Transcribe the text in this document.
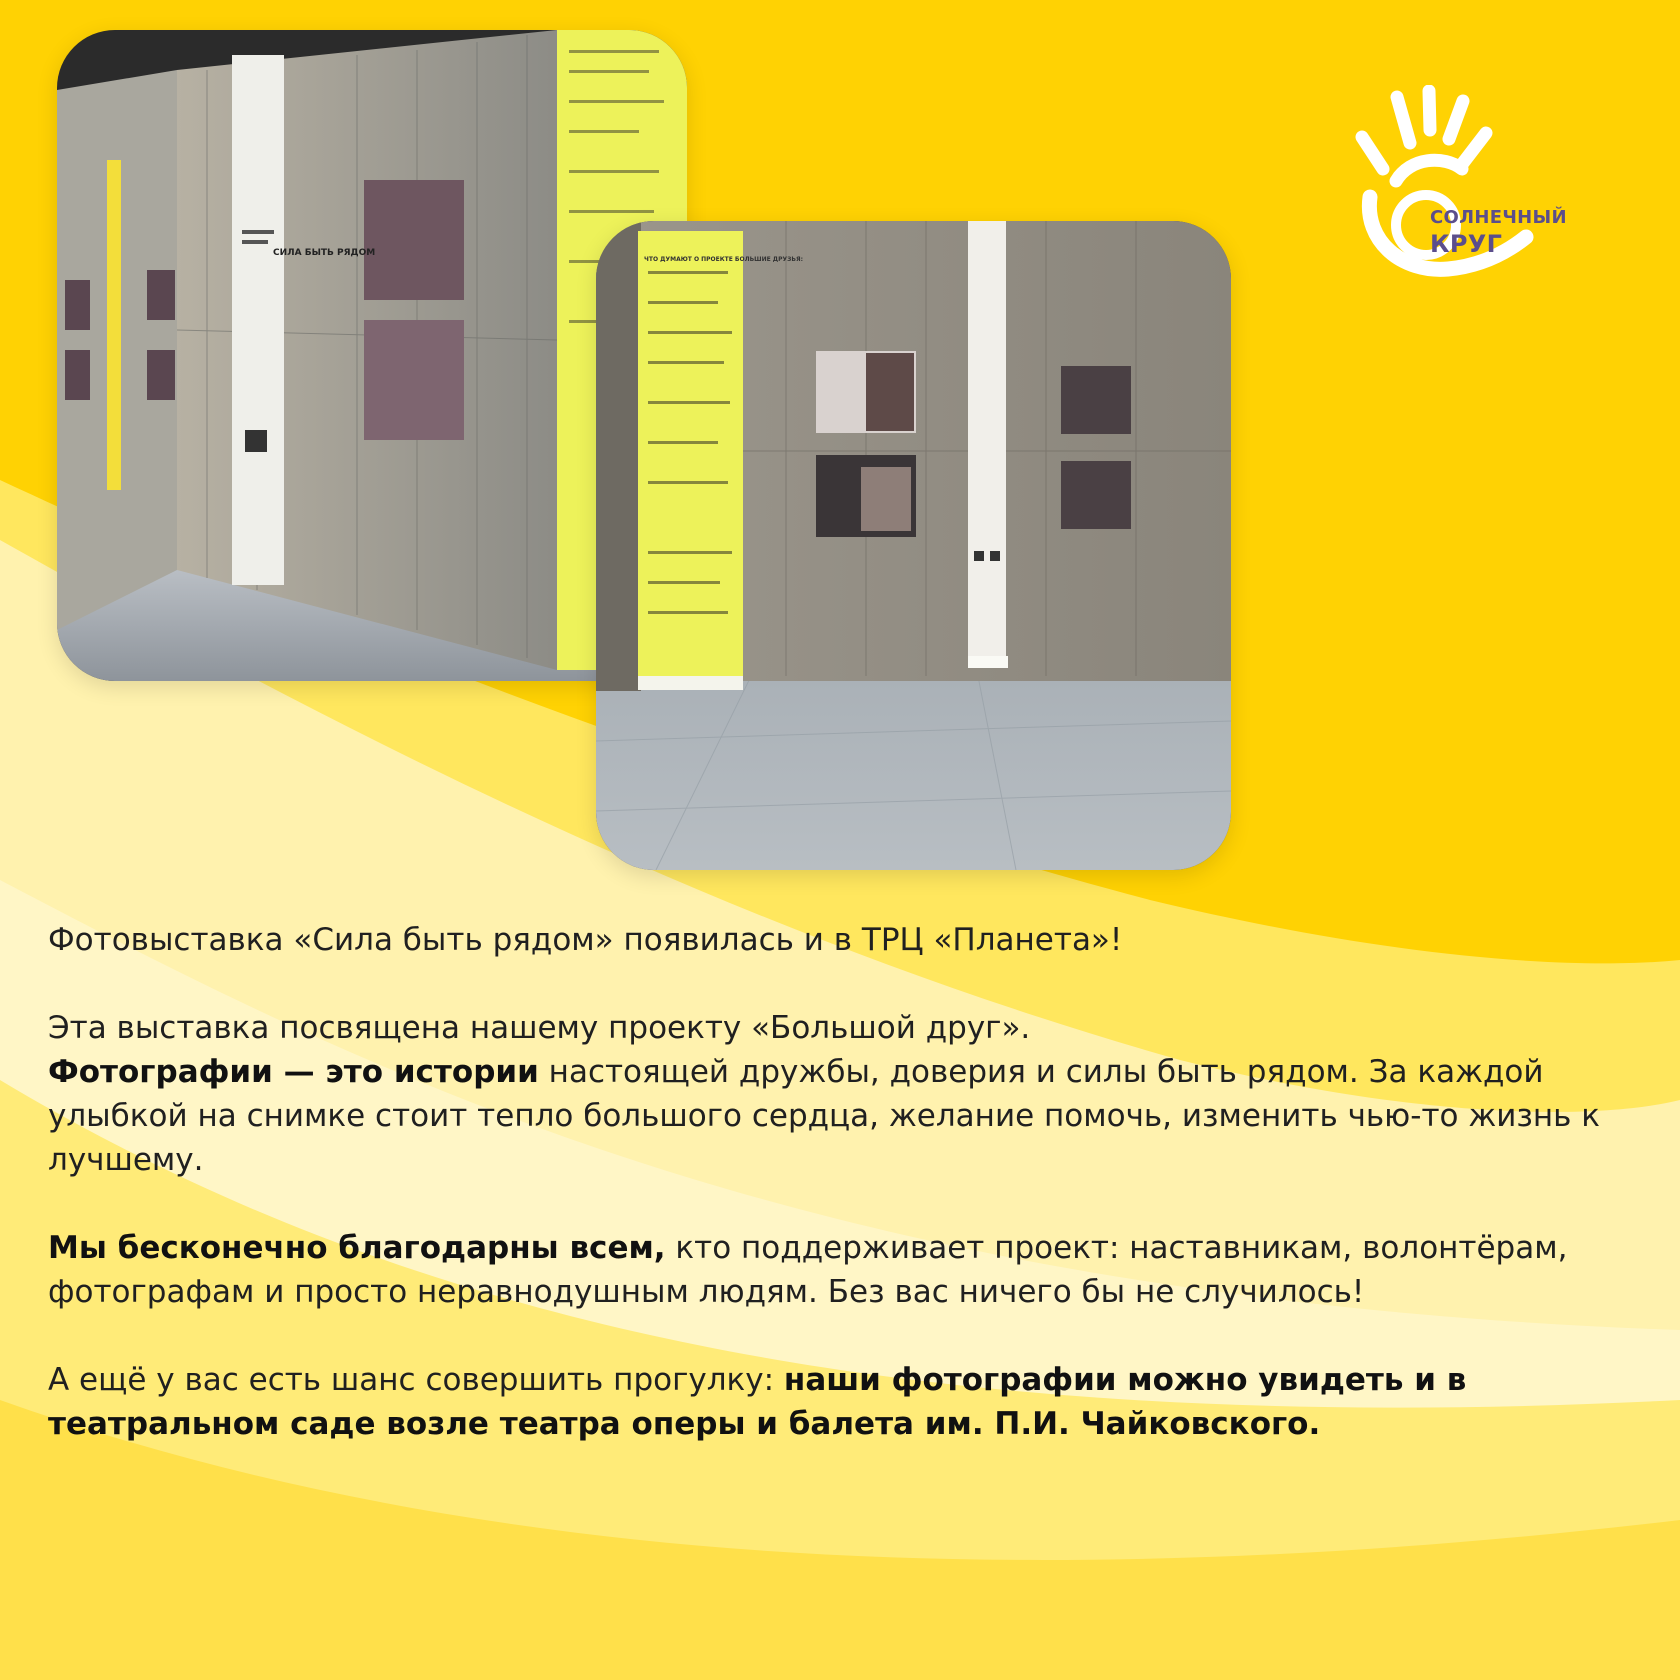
СОЛНЕЧНЫЙ
КРУГ
СИЛА БЫТЬ РЯДОМ
ЧТО ДУМАЮТ О ПРОЕКТЕ БОЛЬШИЕ ДРУЗЬЯ:

Фотовыставка «Сила быть рядом» появилась и в ТРЦ «Планета»!

Эта выставка посвящена нашему проекту «Большой друг».

Фотографии — это истории настоящей дружбы, доверия и силы быть рядом. За каждой улыбкой на снимке стоит тепло большого сердца, желание помочь, изменить чью-то жизнь к лучшему.

Мы бесконечно благодарны всем, кто поддерживает проект: наставникам, волонтёрам, фотографам и просто неравнодушным людям. Без вас ничего бы не случилось!

А ещё у вас есть шанс совершить прогулку: наши фотографии можно увидеть и в театральном саде возле театра оперы и балета им. П.И. Чайковского.
